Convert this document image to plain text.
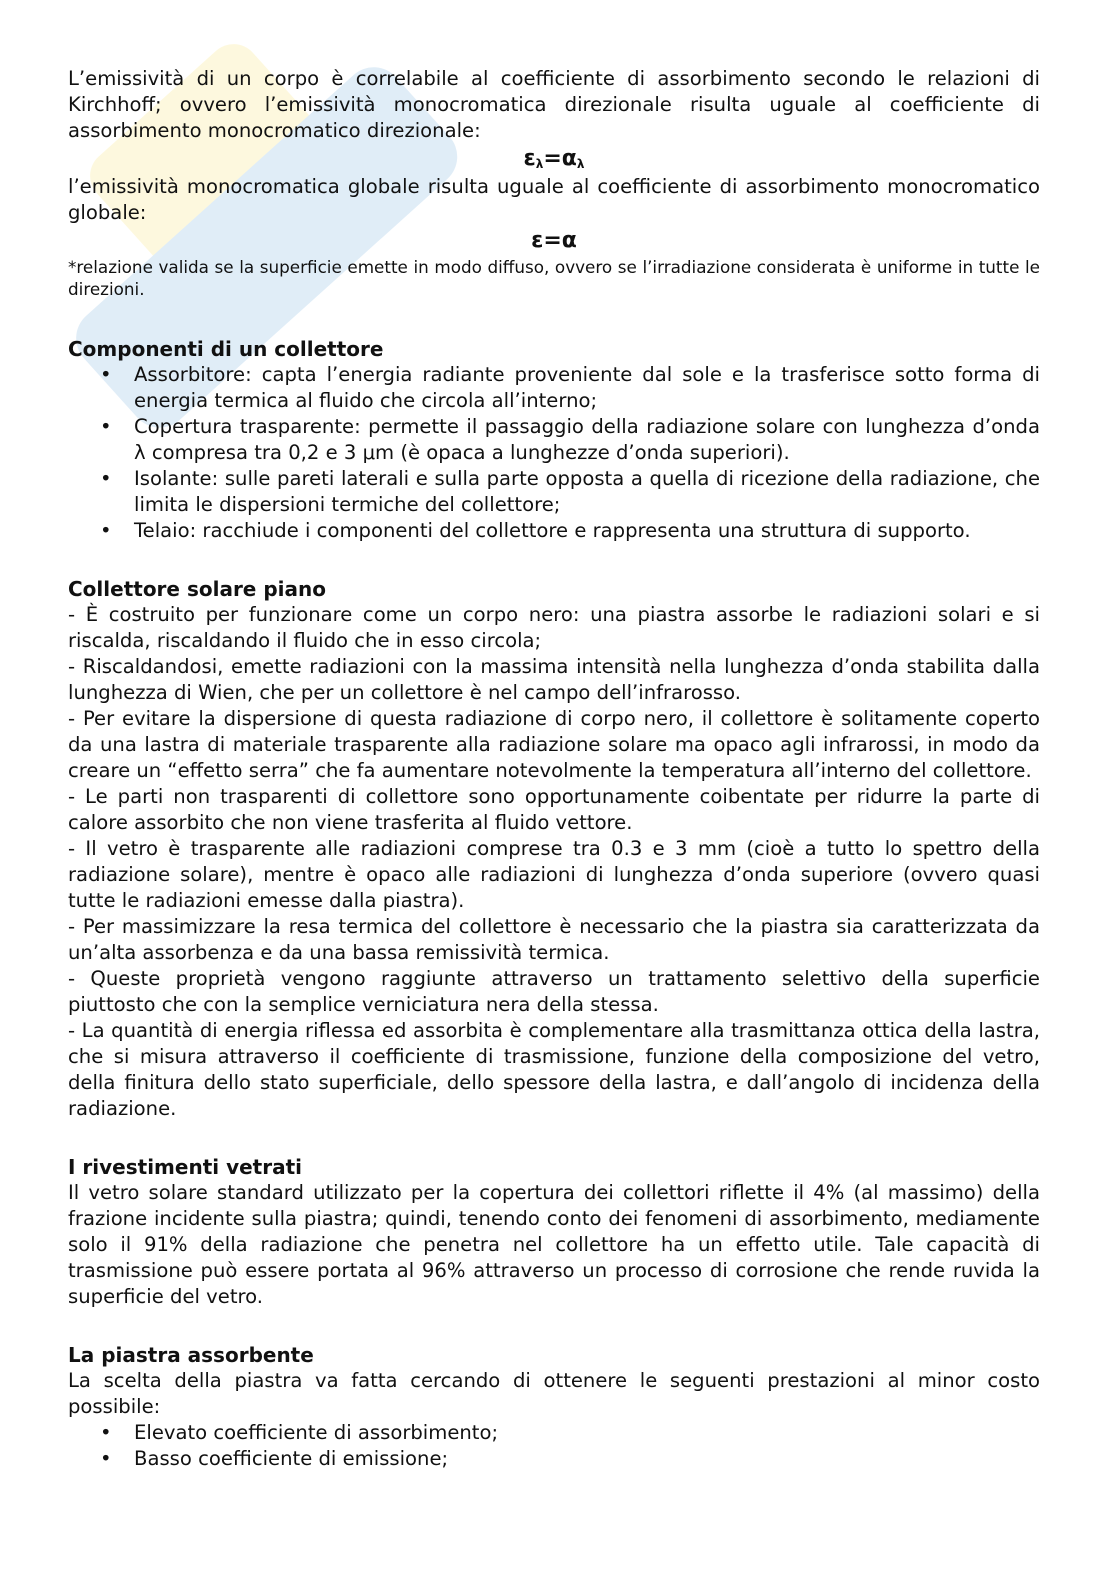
L’emissività di un corpo è correlabile al coefficiente di assorbimento secondo le relazioni di Kirchhoff; ovvero l’emissività monocromatica direzionale risulta uguale al coefficiente di assorbimento monocromatico direzionale:

$\varepsilon_\lambda=\alpha_\lambda$

l’emissività monocromatica globale risulta uguale al coefficiente di assorbimento monocromatico globale:

ε=α

*relazione valida se la superficie emette in modo diffuso, ovvero se l’irradiazione considerata è uniforme in tutte le direzioni.

Componenti di un collettore
• Assorbitore: capta l’energia radiante proveniente dal sole e la trasferisce sotto forma di energia termica al fluido che circola all’interno;
• Copertura trasparente: permette il passaggio della radiazione solare con lunghezza d’onda λ compresa tra 0,2 e 3 μm (è opaca a lunghezze d’onda superiori).
• Isolante: sulle pareti laterali e sulla parte opposta a quella di ricezione della radiazione, che limita le dispersioni termiche del collettore;
• Telaio: racchiude i componenti del collettore e rappresenta una struttura di supporto.
Collettore solare piano

- È costruito per funzionare come un corpo nero: una piastra assorbe le radiazioni solari e si riscalda, riscaldando il fluido che in esso circola;

- Riscaldandosi, emette radiazioni con la massima intensità nella lunghezza d’onda stabilita dalla lunghezza di Wien, che per un collettore è nel campo dell’infrarosso.

- Per evitare la dispersione di questa radiazione di corpo nero, il collettore è solitamente coperto da una lastra di materiale trasparente alla radiazione solare ma opaco agli infrarossi, in modo da creare un “effetto serra” che fa aumentare notevolmente la temperatura all’interno del collettore.

- Le parti non trasparenti di collettore sono opportunamente coibentate per ridurre la parte di calore assorbito che non viene trasferita al fluido vettore.

- Il vetro è trasparente alle radiazioni comprese tra 0.3 e 3 mm (cioè a tutto lo spettro della radiazione solare), mentre è opaco alle radiazioni di lunghezza d’onda superiore (ovvero quasi tutte le radiazioni emesse dalla piastra).

- Per massimizzare la resa termica del collettore è necessario che la piastra sia caratterizzata da un’alta assorbenza e da una bassa remissività termica.

- Queste proprietà vengono raggiunte attraverso un trattamento selettivo della superficie piuttosto che con la semplice verniciatura nera della stessa.

- La quantità di energia riflessa ed assorbita è complementare alla trasmittanza ottica della lastra, che si misura attraverso il coefficiente di trasmissione, funzione della composizione del vetro, della finitura dello stato superficiale, dello spessore della lastra, e dall’angolo di incidenza della radiazione.

I rivestimenti vetrati

Il vetro solare standard utilizzato per la copertura dei collettori riflette il 4% (al massimo) della frazione incidente sulla piastra; quindi, tenendo conto dei fenomeni di assorbimento, mediamente solo il 91% della radiazione che penetra nel collettore ha un effetto utile. Tale capacità di trasmissione può essere portata al 96% attraverso un processo di corrosione che rende ruvida la superficie del vetro.

La piastra assorbente

La scelta della piastra va fatta cercando di ottenere le seguenti prestazioni al minor costo possibile:

• Elevato coefficiente di assorbimento;
• Basso coefficiente di emissione;
